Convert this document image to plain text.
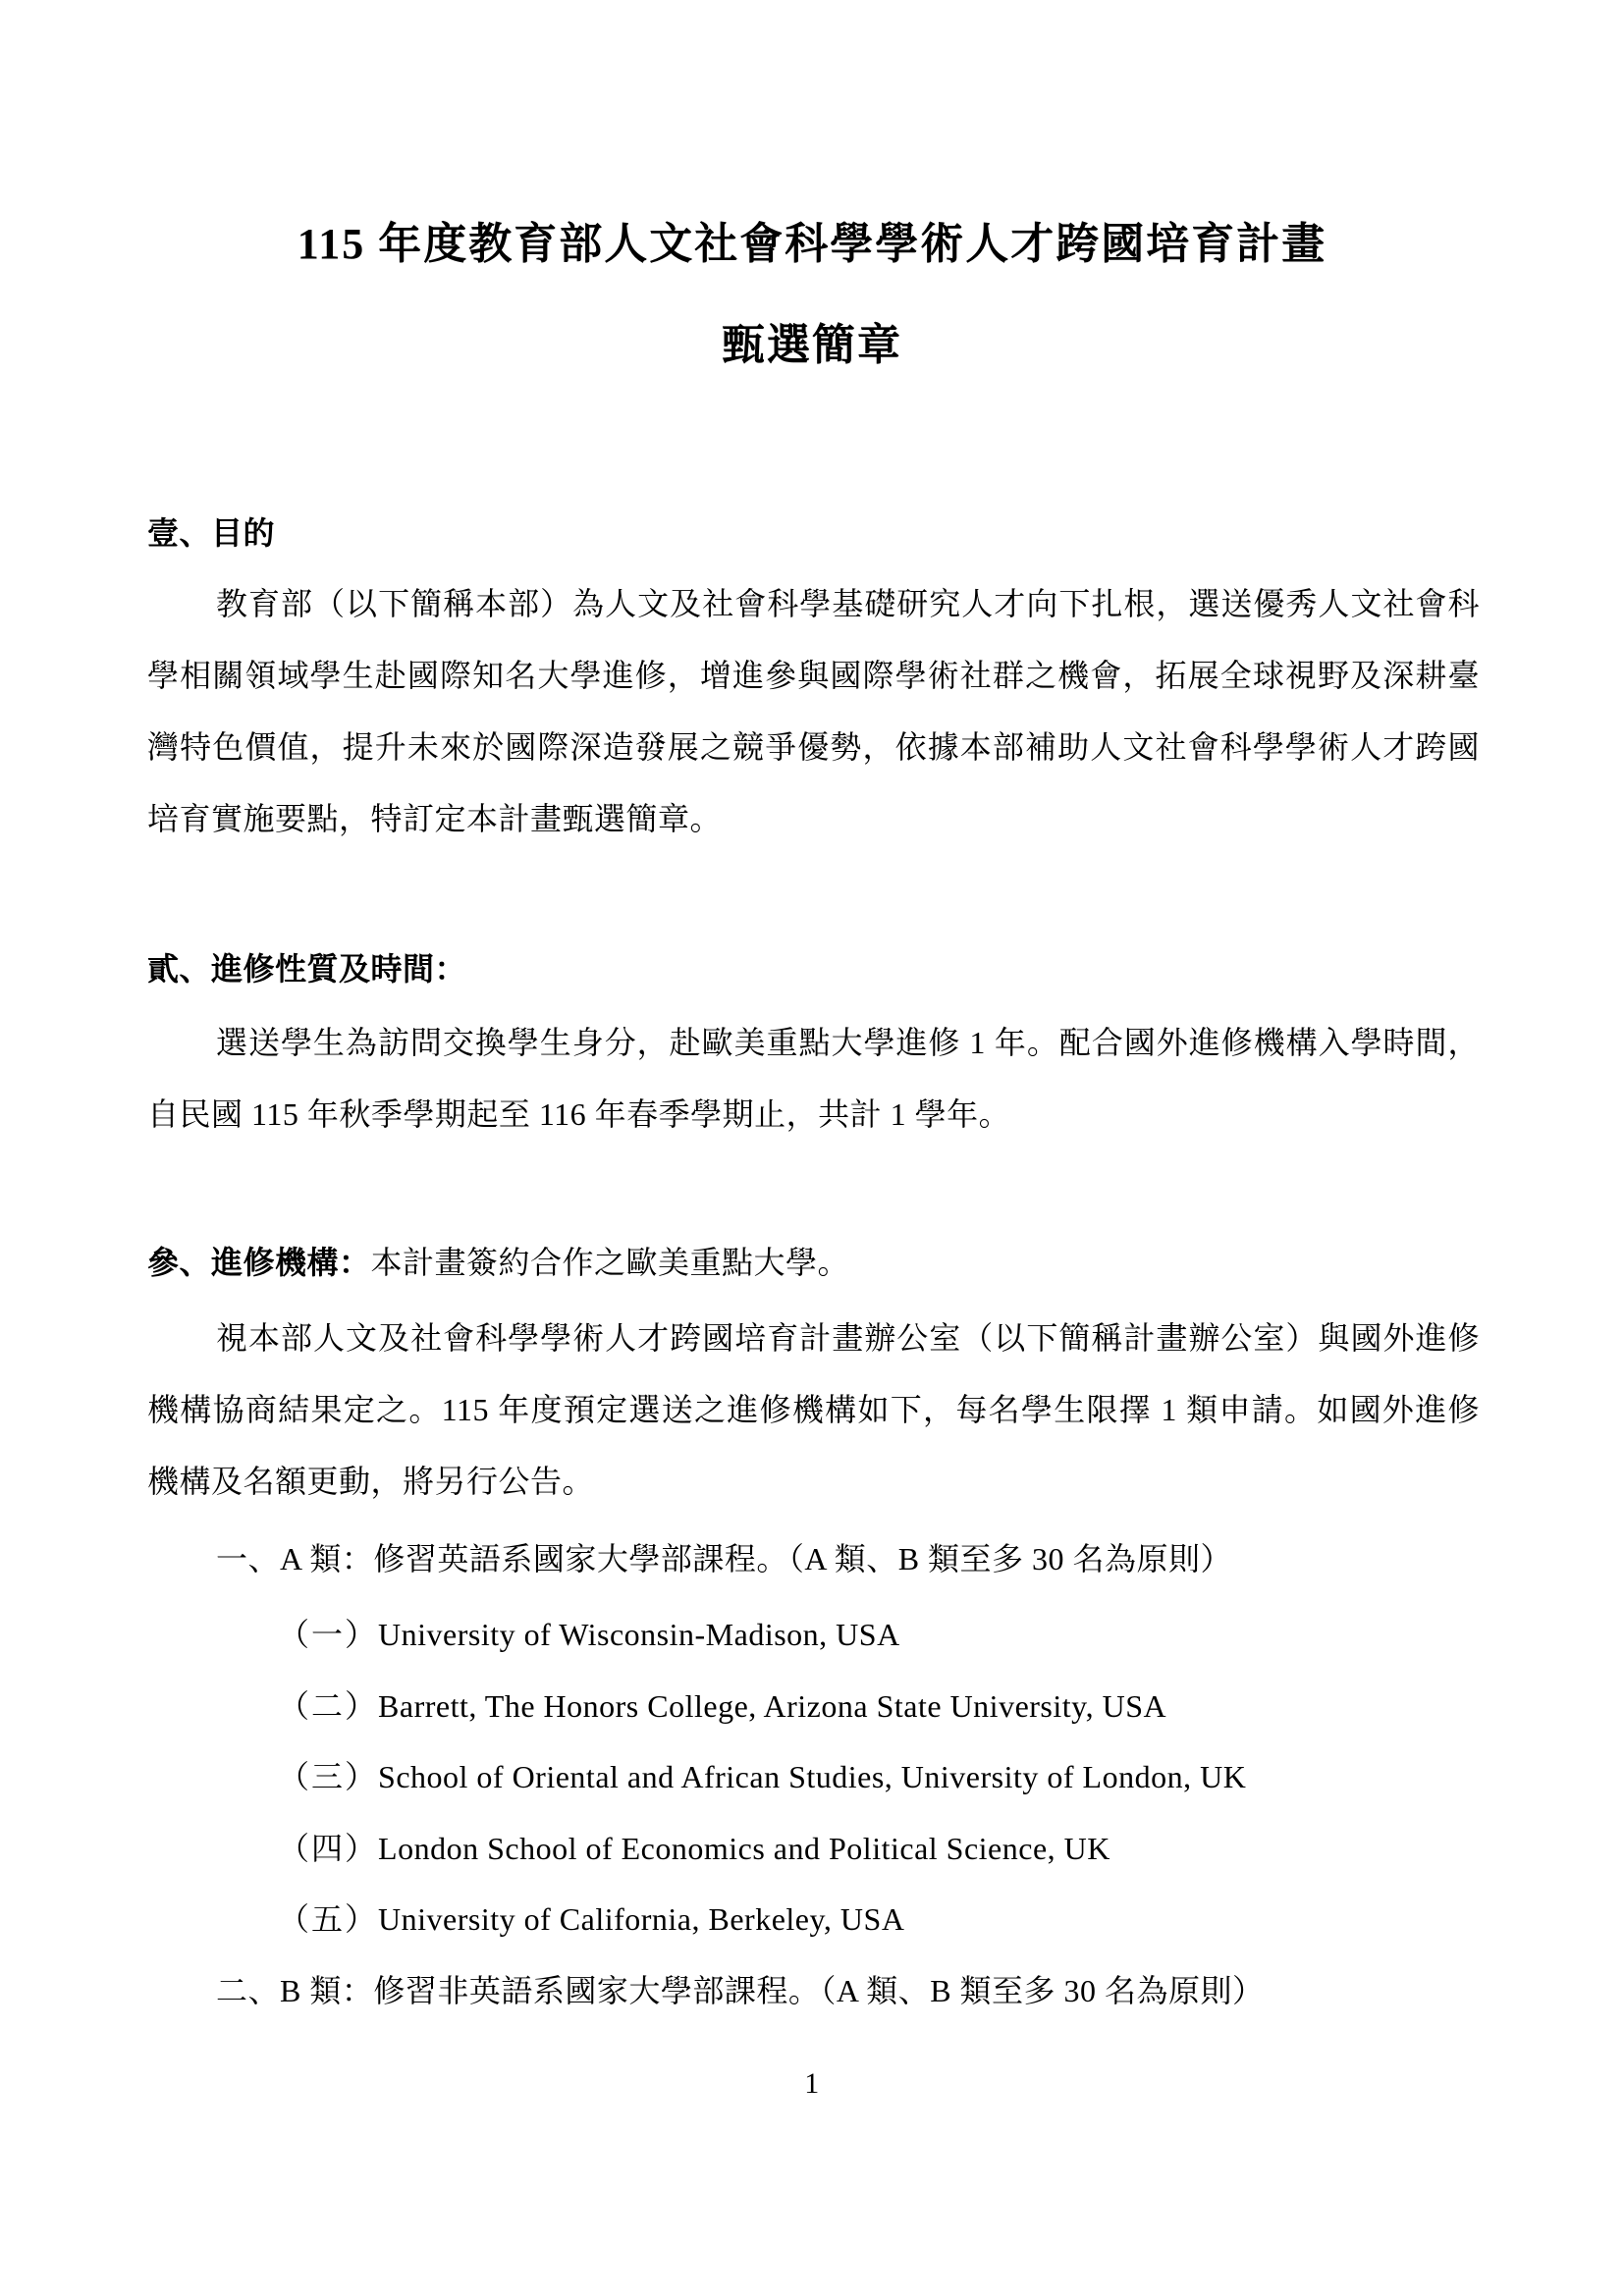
115 年度教育部人文社會科學學術人才跨國培育計畫
甄選簡章
壹、目的
教育部（以下簡稱本部）為人文及社會科學基礎研究人才向下扎根，選送優秀人文社會科
學相關領域學生赴國際知名大學進修，增進參與國際學術社群之機會，拓展全球視野及深耕臺
灣特色價值，提升未來於國際深造發展之競爭優勢，依據本部補助人文社會科學學術人才跨國
培育實施要點，特訂定本計畫甄選簡章。
貳、進修性質及時間：
選送學生為訪問交換學生身分，赴歐美重點大學進修 1 年。配合國外進修機構入學時間，
自民國 115 年秋季學期起至 116 年春季學期止，共計 1 學年。
參、進修機構：本計畫簽約合作之歐美重點大學。
視本部人文及社會科學學術人才跨國培育計畫辦公室（以下簡稱計畫辦公室）與國外進修
機構協商結果定之。115 年度預定選送之進修機構如下，每名學生限擇 1 類申請。如國外進修
機構及名額更動，將另行公告。
一、A 類：修習英語系國家大學部課程。（A 類、B 類至多 30 名為原則）
（一）University of Wisconsin-Madison, USA
（二）Barrett, The Honors College, Arizona State University, USA
（三）School of Oriental and African Studies, University of London, UK
（四）London School of Economics and Political Science, UK
（五）University of California, Berkeley, USA
二、B 類：修習非英語系國家大學部課程。（A 類、B 類至多 30 名為原則）
1
